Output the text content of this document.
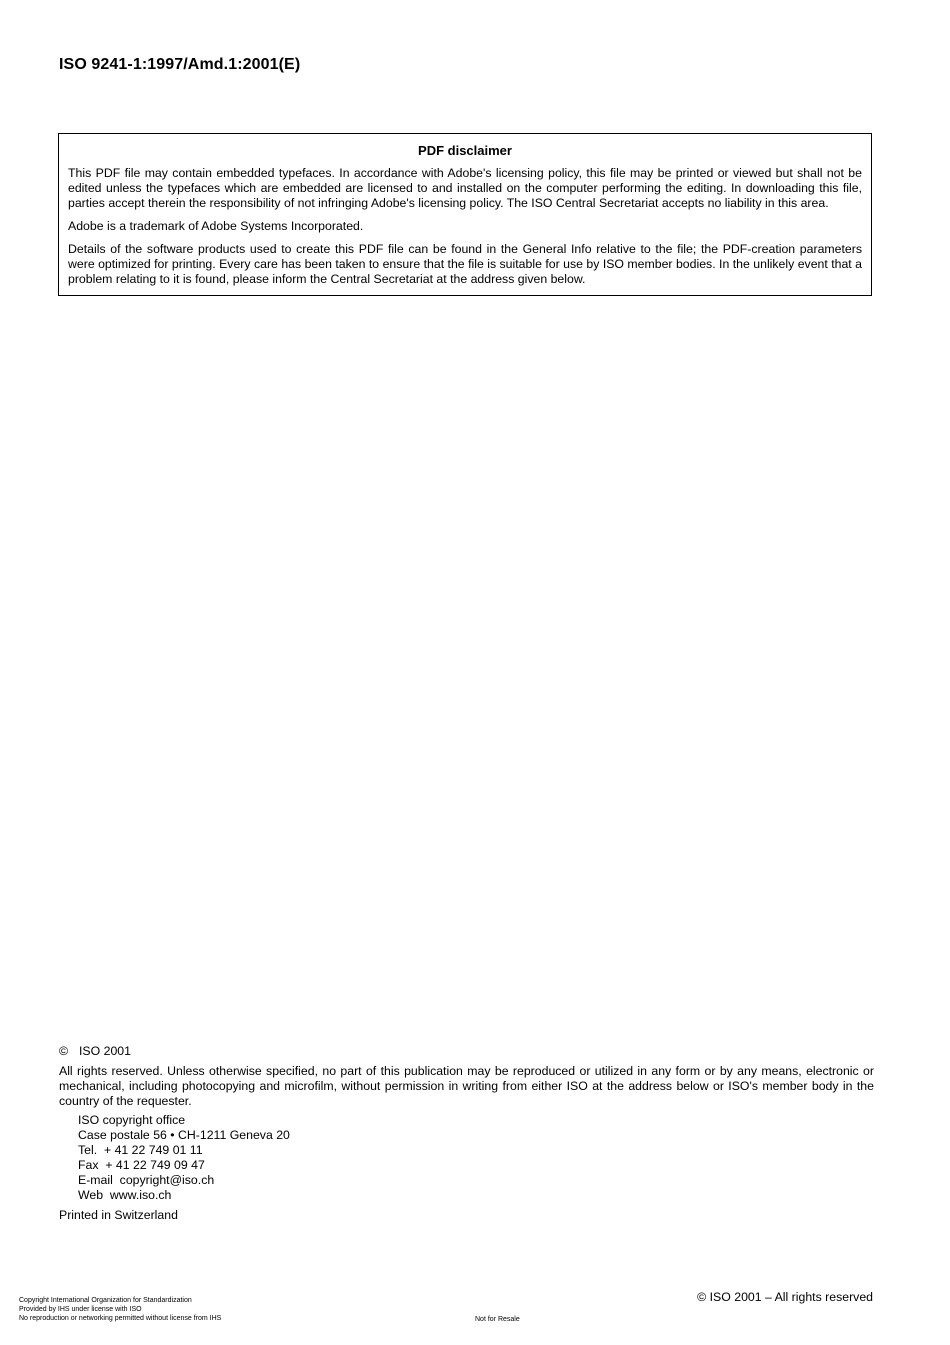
ISO 9241-1:1997/Amd.1:2001(E)
PDF disclaimer

This PDF file may contain embedded typefaces. In accordance with Adobe's licensing policy, this file may be printed or viewed but shall not be edited unless the typefaces which are embedded are licensed to and installed on the computer performing the editing. In downloading this file, parties accept therein the responsibility of not infringing Adobe's licensing policy. The ISO Central Secretariat accepts no liability in this area.

Adobe is a trademark of Adobe Systems Incorporated.

Details of the software products used to create this PDF file can be found in the General Info relative to the file; the PDF-creation parameters were optimized for printing. Every care has been taken to ensure that the file is suitable for use by ISO member bodies. In the unlikely event that a problem relating to it is found, please inform the Central Secretariat at the address given below.

© ISO 2001
All rights reserved. Unless otherwise specified, no part of this publication may be reproduced or utilized in any form or by any means, electronic or mechanical, including photocopying and microfilm, without permission in writing from either ISO at the address below or ISO's member body in the country of the requester.
ISO copyright office
Case postale 56 • CH-1211 Geneva 20
Tel.  + 41 22 749 01 11
Fax  + 41 22 749 09 47
E-mail  copyright@iso.ch
Web  www.iso.ch
Printed in Switzerland
Copyright International Organization for Standardization
Provided by IHS under license with ISO
No reproduction or networking permitted without license from IHS	Not for Resale
© ISO 2001 – All rights reserved
